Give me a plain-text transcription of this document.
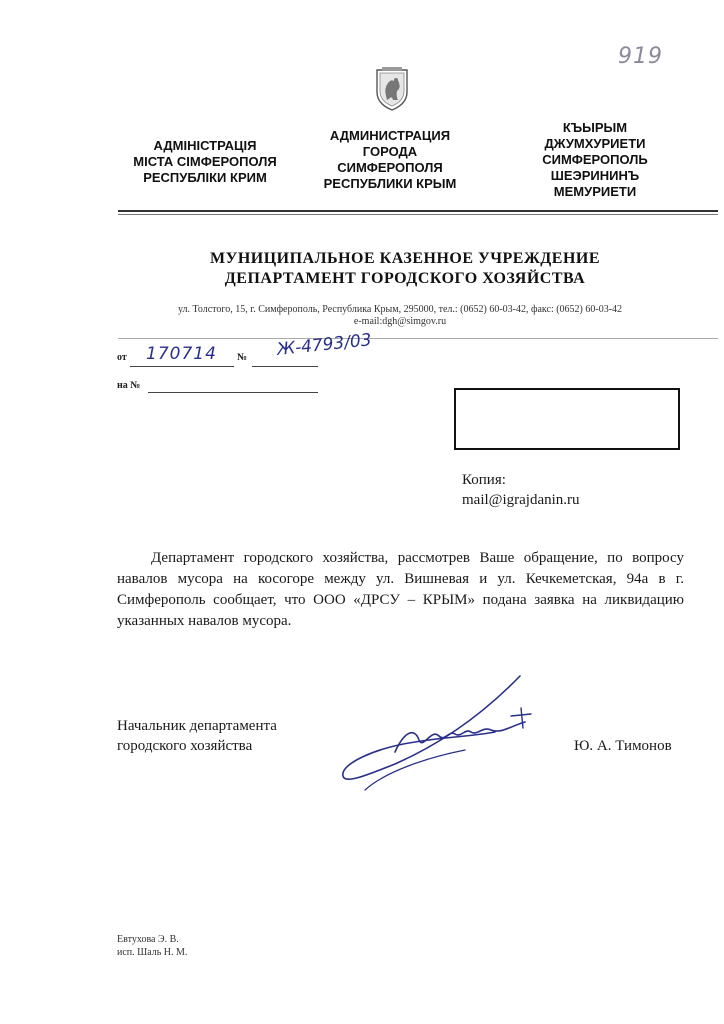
919
АДМІНІСТРАЦІЯ
МІСТА СІМФЕРОПОЛЯ
РЕСПУБЛІКИ КРИМ
АДМИНИСТРАЦИЯ
ГОРОДА
СИМФЕРОПОЛЯ
РЕСПУБЛИКИ КРЫМ
КЪЫРЫМ
ДЖУМХУРИЕТИ
СИМФЕРОПОЛЬ
ШЕЭРИНИНЪ
МЕМУРИЕТИ
МУНИЦИПАЛЬНОЕ КАЗЕННОЕ УЧРЕЖДЕНИЕ
ДЕПАРТАМЕНТ ГОРОДСКОГО ХОЗЯЙСТВА
ул. Толстого, 15, г. Симферополь, Республика Крым, 295000, тел.: (0652) 60-03-42, факс: (0652) 60-03-42
e-mail:dgh@simgov.ru
от 170714 № Ж-4793/03
на №
Копия:
mail@igrajdanin.ru
Департамент городского хозяйства, рассмотрев Ваше обращение, по вопросу навалов мусора на косогоре между ул. Вишневая и ул. Кечкеметская, 94а в г. Симферополь сообщает, что ООО «ДРСУ – КРЫМ» подана заявка на ликвидацию указанных навалов мусора.
Начальник департамента
городского хозяйства	Ю. А. Тимонов
Евтухова Э. В.
исп. Шаль Н. М.
